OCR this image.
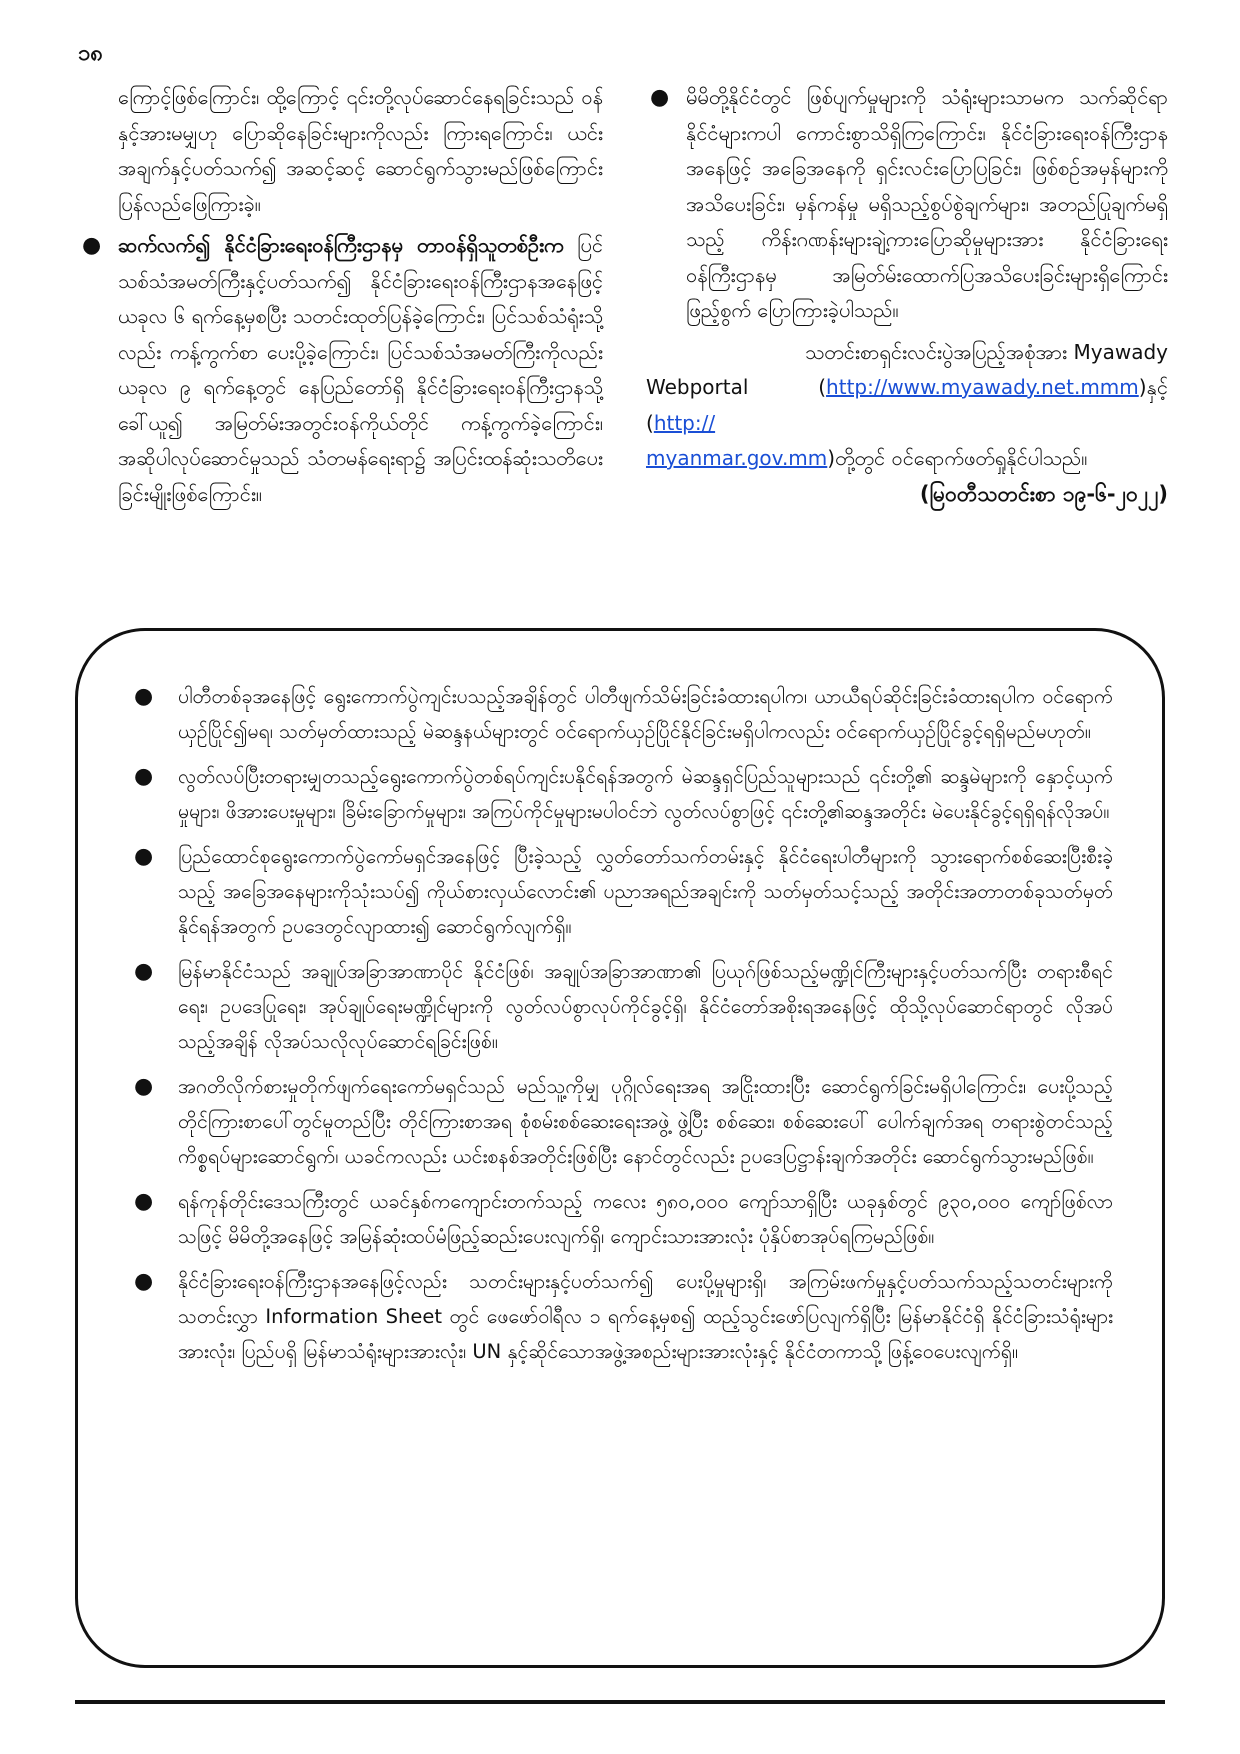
၁၈

ကြောင့်ဖြစ်ကြောင်း၊ ထို့ကြောင့် ၎င်းတို့လုပ်ဆောင်နေရခြင်းသည် ဝန်နှင့်အားမမျှဟု ပြောဆိုနေခြင်းများကိုလည်း ကြားရကြောင်း၊ ယင်းအချက်နှင့်ပတ်သက်၍ အဆင့်ဆင့် ဆောင်ရွက်သွားမည်ဖြစ်ကြောင်း ပြန်လည်ဖြေကြားခဲ့။

● ဆက်လက်၍ နိုင်ငံခြားရေးဝန်ကြီးဌာနမှ တာဝန်ရှိသူတစ်ဦးက ပြင်သစ်သံအမတ်ကြီးနှင့်ပတ်သက်၍ နိုင်ငံခြားရေးဝန်ကြီးဌာနအနေဖြင့် ယခုလ ၆ ရက်နေ့မှစပြီး သတင်းထုတ်ပြန်ခဲ့ကြောင်း၊ ပြင်သစ်သံရုံးသို့လည်း ကန့်ကွက်စာ ပေးပို့ခဲ့ကြောင်း၊ ပြင်သစ်သံအမတ်ကြီးကိုလည်း ယခုလ ၉ ရက်နေ့တွင် နေပြည်တော်ရှိ နိုင်ငံခြားရေးဝန်ကြီးဌာနသို့ ခေါ်ယူ၍ အမြတ်မ်းအတွင်းဝန်ကိုယ်တိုင် ကန့်ကွက်ခဲ့ကြောင်း၊ အဆိုပါလုပ်ဆောင်မှုသည် သံတမန်ရေးရာ၌ အပြင်းထန်ဆုံးသတိပေးခြင်းမျိုးဖြစ်ကြောင်း။
● မိမိတို့နိုင်ငံတွင် ဖြစ်ပျက်မှုများကို သံရုံးများသာမက သက်ဆိုင်ရာနိုင်ငံများကပါ ကောင်းစွာသိရှိကြကြောင်း၊ နိုင်ငံခြားရေးဝန်ကြီးဌာနအနေဖြင့် အခြေအနေကို ရှင်းလင်းပြောပြခြင်း၊ ဖြစ်စဉ်အမှန်များကိုအသိပေးခြင်း၊ မှန်ကန်မှု မရှိသည့်စွပ်စွဲချက်များ၊ အတည်ပြုချက်မရှိသည့် ကိန်းဂဏန်းများချဲ့ကားပြောဆိုမှုများအား နိုင်ငံခြားရေးဝန်ကြီးဌာနမှ အမြတ်မ်းထောက်ပြအသိပေးခြင်းများရှိကြောင်း ဖြည့်စွက် ပြောကြားခဲ့ပါသည်။

သတင်းစာရှင်းလင်းပွဲအပြည့်အစုံအား Myawady

Webportal (http://www.myawady.net.mmm)နှင့် (http://
myanmar.gov.mm)တို့တွင် ဝင်ရောက်ဖတ်ရှုနိုင်ပါသည်။

(မြဝတီသတင်းစာ ၁၉-၆-၂၀၂၂)

● ပါတီတစ်ခုအနေဖြင့် ရွေးကောက်ပွဲကျင်းပသည့်အချိန်တွင် ပါတီဖျက်သိမ်းခြင်းခံထားရပါက၊ ယာယီရပ်ဆိုင်းခြင်းခံထားရပါက ဝင်ရောက်ယှဉ်ပြိုင်၍မရ၊ သတ်မှတ်ထားသည့် မဲဆန္ဒနယ်များတွင် ဝင်ရောက်ယှဉ်ပြိုင်နိုင်ခြင်းမရှိပါကလည်း ဝင်ရောက်ယှဉ်ပြိုင်ခွင့်ရရှိမည်မဟုတ်။
● လွတ်လပ်ပြီးတရားမျှတသည့်ရွေးကောက်ပွဲတစ်ရပ်ကျင်းပနိုင်ရန်အတွက် မဲဆန္ဒရှင်ပြည်သူများသည် ၎င်းတို့၏ ဆန္ဒမဲများကို နှောင့်ယှက်မှုများ၊ ဖိအားပေးမှုများ၊ ခြိမ်းခြောက်မှုများ၊ အကြပ်ကိုင်မှုများမပါဝင်ဘဲ လွတ်လပ်စွာဖြင့် ၎င်းတို့၏ဆန္ဒအတိုင်း မဲပေးနိုင်ခွင့်ရရှိရန်လိုအပ်။
● ပြည်ထောင်စုရွေးကောက်ပွဲကော်မရှင်အနေဖြင့် ပြီးခဲ့သည့် လွှတ်တော်သက်တမ်းနှင့် နိုင်ငံရေးပါတီများကို သွားရောက်စစ်ဆေးပြီးစီးခဲ့သည့် အခြေအနေများကိုသုံးသပ်၍ ကိုယ်စားလှယ်လောင်း၏ ပညာအရည်အချင်းကို သတ်မှတ်သင့်သည့် အတိုင်းအတာတစ်ခုသတ်မှတ်နိုင်ရန်အတွက် ဥပဒေတွင်လျာထား၍ ဆောင်ရွက်လျက်ရှိ။
● မြန်မာနိုင်ငံသည် အချုပ်အခြာအာဏာပိုင် နိုင်ငံဖြစ်၊ အချုပ်အခြာအာဏာ၏ ပြယုဂ်ဖြစ်သည့်မဏ္ဍိုင်ကြီးများနှင့်ပတ်သက်ပြီး တရားစီရင်ရေး၊ ဥပဒေပြုရေး၊ အုပ်ချုပ်ရေးမဏ္ဍိုင်များကို လွတ်လပ်စွာလုပ်ကိုင်ခွင့်ရှိ၊ နိုင်ငံတော်အစိုးရအနေဖြင့် ထိုသို့လုပ်ဆောင်ရာတွင် လိုအပ်သည့်အချိန် လိုအပ်သလိုလုပ်ဆောင်ရခြင်းဖြစ်။
● အဂတိလိုက်စားမှုတိုက်ဖျက်ရေးကော်မရှင်သည် မည်သူ့ကိုမျှ ပုဂ္ဂိုလ်ရေးအရ အငြိုးထားပြီး ဆောင်ရွက်ခြင်းမရှိပါကြောင်း၊ ပေးပို့သည့်တိုင်ကြားစာပေါ်တွင်မူတည်ပြီး တိုင်ကြားစာအရ စုံစမ်းစစ်ဆေးရေးအဖွဲ့ ဖွဲ့ပြီး စစ်ဆေး၊ စစ်ဆေးပေါ် ပေါက်ချက်အရ တရားစွဲတင်သည့် ကိစ္စရပ်များဆောင်ရွက်၊ ယခင်ကလည်း ယင်းစနစ်အတိုင်းဖြစ်ပြီး နောင်တွင်လည်း ဥပဒေပြဋ္ဌာန်းချက်အတိုင်း ဆောင်ရွက်သွားမည်ဖြစ်။
● ရန်ကုန်တိုင်းဒေသကြီးတွင် ယခင်နှစ်ကကျောင်းတက်သည့် ကလေး ၅၈၀,၀၀၀ ကျော်သာရှိပြီး ယခုနှစ်တွင် ၉၃၀,၀၀၀ ကျော်ဖြစ်လာသဖြင့် မိမိတို့အနေဖြင့် အမြန်ဆုံးထပ်မံဖြည့်ဆည်းပေးလျက်ရှိ၊ ကျောင်းသားအားလုံး ပုံနှိပ်စာအုပ်ရကြမည်ဖြစ်။
● နိုင်ငံခြားရေးဝန်ကြီးဌာနအနေဖြင့်လည်း သတင်းများနှင့်ပတ်သက်၍ ပေးပို့မှုများရှိ၊ အကြမ်းဖက်မှုနှင့်ပတ်သက်သည့်သတင်းများကို သတင်းလွှာ Information Sheet တွင် ဖေဖော်ဝါရီလ ၁ ရက်နေ့မှစ၍ ထည့်သွင်းဖော်ပြလျက်ရှိပြီး မြန်မာနိုင်ငံရှိ နိုင်ငံခြားသံရုံးများအားလုံး၊ ပြည်ပရှိ မြန်မာသံရုံးများအားလုံး၊ UN နှင့်ဆိုင်သောအဖွဲ့အစည်းများအားလုံးနှင့် နိုင်ငံတကာသို့ ဖြန့်ဝေပေးလျက်ရှိ။
